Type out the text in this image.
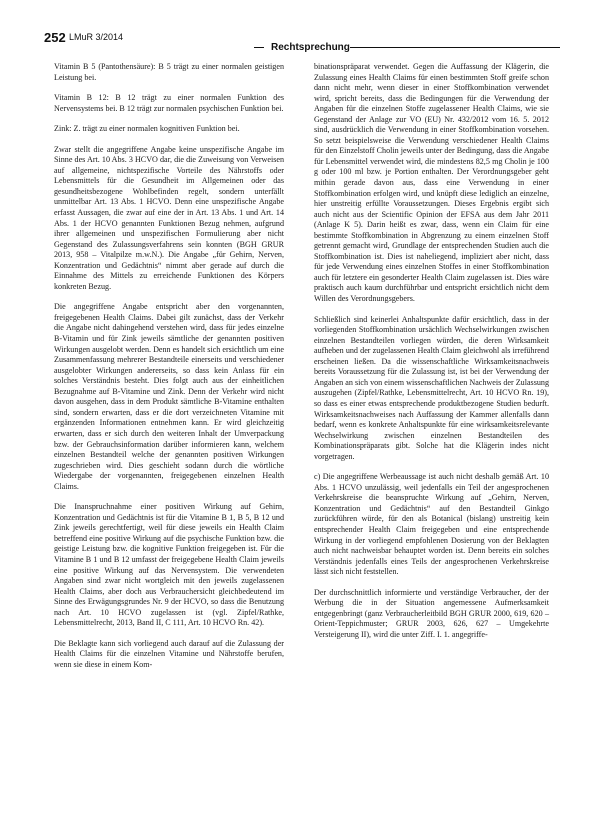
252 LMuR 3/2014
Rechtsprechung

Vitamin B 5 (Pantothensäure): B 5 trägt zu einer normalen geistigen Leistung bei.

Vitamin B 12: B 12 trägt zu einer normalen Funktion des Nervensystems bei. B 12 trägt zur normalen psychischen Funktion bei.

Zink: Z. trägt zu einer normalen kognitiven Funktion bei.

Zwar stellt die angegriffene Angabe keine unspezifische Angabe im Sinne des Art. 10 Abs. 3 HCVO dar, die die Zuweisung von Verweisen auf allgemeine, nichtspezifische Vorteile des Nährstoffs oder Lebensmittels für die Gesundheit im Allgemeinen oder das gesundheitsbezogene Wohlbefinden regelt, sondern unterfällt unmittelbar Art. 13 Abs. 1 HCVO. Denn eine unspezifische Angabe erfasst Aussagen, die zwar auf eine der in Art. 13 Abs. 1 und Art. 14 Abs. 1 der HCVO genannten Funktionen Bezug nehmen, aufgrund ihrer allgemeinen und unspezifischen Formulierung aber nicht Gegenstand des Zulassungsverfahrens sein konnten (BGH GRUR 2013, 958 – Vitalpilze m.w.N.). Die Angabe „für Gehirn, Nerven, Konzentration und Gedächtnis“ nimmt aber gerade auf durch die Einnahme des Mittels zu erreichende Funktionen des Körpers konkreten Bezug.

Die angegriffene Angabe entspricht aber den vorgenannten, freigegebenen Health Claims. Dabei gilt zunächst, dass der Verkehr die Angabe nicht dahingehend verstehen wird, dass für jedes einzelne B-Vitamin und für Zink jeweils sämtliche der genannten positiven Wirkungen ausgelobt werden. Denn es handelt sich ersichtlich um eine Zusammenfassung mehrerer Bestandteile einerseits und verschiedener ausgelobter Wirkungen andererseits, so dass kein Anlass für ein solches Verständnis besteht. Dies folgt auch aus der einheitlichen Bezugnahme auf B-Vitamine und Zink. Denn der Verkehr wird nicht davon ausgehen, dass in dem Produkt sämtliche B-Vitamine enthalten sind, sondern erwarten, dass er die dort verzeichneten Vitamine mit ergänzenden Informationen entnehmen kann. Er wird gleichzeitig erwarten, dass er sich durch den weiteren Inhalt der Umverpackung bzw. der Gebrauchsinformation darüber informieren kann, welchem einzelnen Bestandteil welche der genannten positiven Wirkungen zugeschrieben wird. Dies geschieht sodann durch die wörtliche Wiedergabe der vorgenannten, freigegebenen einzelnen Health Claims.

Die Inanspruchnahme einer positiven Wirkung auf Gehirn, Konzentration und Gedächtnis ist für die Vitamine B 1, B 5, B 12 und Zink jeweils gerechtfertigt, weil für diese jeweils ein Health Claim betreffend eine positive Wirkung auf die psychische Funktion bzw. die geistige Leistung bzw. die kognitive Funktion freigegeben ist. Für die Vitamine B 1 und B 12 umfasst der freigegebene Health Claim jeweils eine positive Wirkung auf das Nervensystem. Die verwendeten Angaben sind zwar nicht wortgleich mit den jeweils zugelassenen Health Claims, aber doch aus Verbrauchersicht gleichbedeutend im Sinne des Erwägungsgrundes Nr. 9 der HCVO, so dass die Benutzung nach Art. 10 HCVO zugelassen ist (vgl. Zipfel/Rathke, Lebensmittelrecht, 2013, Band II, C 111, Art. 10 HCVO Rn. 42).

Die Beklagte kann sich vorliegend auch darauf auf die Zulassung der Health Claims für die einzelnen Vitamine und Nährstoffe berufen, wenn sie diese in einem Kom-

binationspräparat verwendet. Gegen die Auffassung der Klägerin, die Zulassung eines Health Claims für einen bestimmten Stoff greife schon dann nicht mehr, wenn dieser in einer Stoffkombination verwendet wird, spricht bereits, dass die Bedingungen für die Verwendung der Angaben für die einzelnen Stoffe zugelassener Health Claims, wie sie Gegenstand der Anlage zur VO (EU) Nr. 432/2012 vom 16. 5. 2012 sind, ausdrücklich die Verwendung in einer Stoffkombination vorsehen. So setzt beispielsweise die Verwendung verschiedener Health Claims für den Einzelstoff Cholin jeweils unter der Bedingung, dass die Angabe für Lebensmittel verwendet wird, die mindestens 82,5 mg Cholin je 100 g oder 100 ml bzw. je Portion enthalten. Der Verordnungsgeber geht mithin gerade davon aus, dass eine Verwendung in einer Stoffkombination erfolgen wird, und knüpft diese lediglich an einzelne, hier unstreitig erfüllte Voraussetzungen. Dieses Ergebnis ergibt sich auch nicht aus der Scientific Opinion der EFSA aus dem Jahr 2011 (Anlage K 5). Darin heißt es zwar, dass, wenn ein Claim für eine bestimmte Stoffkombination in Abgrenzung zu einem einzelnen Stoff getrennt gemacht wird, Grundlage der entsprechenden Studien auch die Stoffkombination ist. Dies ist naheliegend, impliziert aber nicht, dass für jede Verwendung eines einzelnen Stoffes in einer Stoffkombination auch für letztere ein gesonderter Health Claim zugelassen ist. Dies wäre praktisch auch kaum durchführbar und entspricht ersichtlich nicht dem Willen des Verordnungsgebers.

Schließlich sind keinerlei Anhaltspunkte dafür ersichtlich, dass in der vorliegenden Stoffkombination ursächlich Wechselwirkungen zwischen einzelnen Bestandteilen vorliegen würden, die deren Wirksamkeit aufheben und der zugelassenen Health Claim gleichwohl als irreführend erscheinen ließen. Da die wissenschaftliche Wirksamkeitsnachweis bereits Voraussetzung für die Zulassung ist, ist bei der Verwendung der Angaben an sich von einem wissenschaftlichen Nachweis der Zulassung auszugehen (Zipfel/Rathke, Lebensmittelrecht, Art. 10 HCVO Rn. 19), so dass es einer etwas entsprechende produktbezogene Studien bedurft. Wirksamkeitsnachweises nach Auffassung der Kammer allenfalls dann bedarf, wenn es konkrete Anhaltspunkte für eine wirksamkeitsrelevante Wechselwirkung zwischen einzelnen Bestandteilen des Kombinationspräparats gibt. Solche hat die Klägerin indes nicht vorgetragen.

c) Die angegriffene Werbeaussage ist auch nicht deshalb gemäß Art. 10 Abs. 1 HCVO unzulässig, weil jedenfalls ein Teil der angesprochenen Verkehrskreise die beanspruchte Wirkung auf „Gehirn, Nerven, Konzentration und Gedächtnis“ auf den Bestandteil Ginkgo zurückführen würde, für den als Botanical (bislang) unstreitig kein entsprechender Health Claim freigegeben und eine entsprechende Wirkung in der vorliegend empfohlenen Dosierung von der Beklagten auch nicht nachweisbar behauptet worden ist. Denn bereits ein solches Verständnis jedenfalls eines Teils der angesprochenen Verkehrskreise lässt sich nicht feststellen.

Der durchschnittlich informierte und verständige Verbraucher, der der Werbung die in der Situation angemessene Aufmerksamkeit entgegenbringt (ganz Verbraucherleitbild BGH GRUR 2000, 619, 620 – Orient-Teppichmuster; GRUR 2003, 626, 627 – Umgekehrte Versteigerung II), wird die unter Ziff. I. 1. angegriffe-
